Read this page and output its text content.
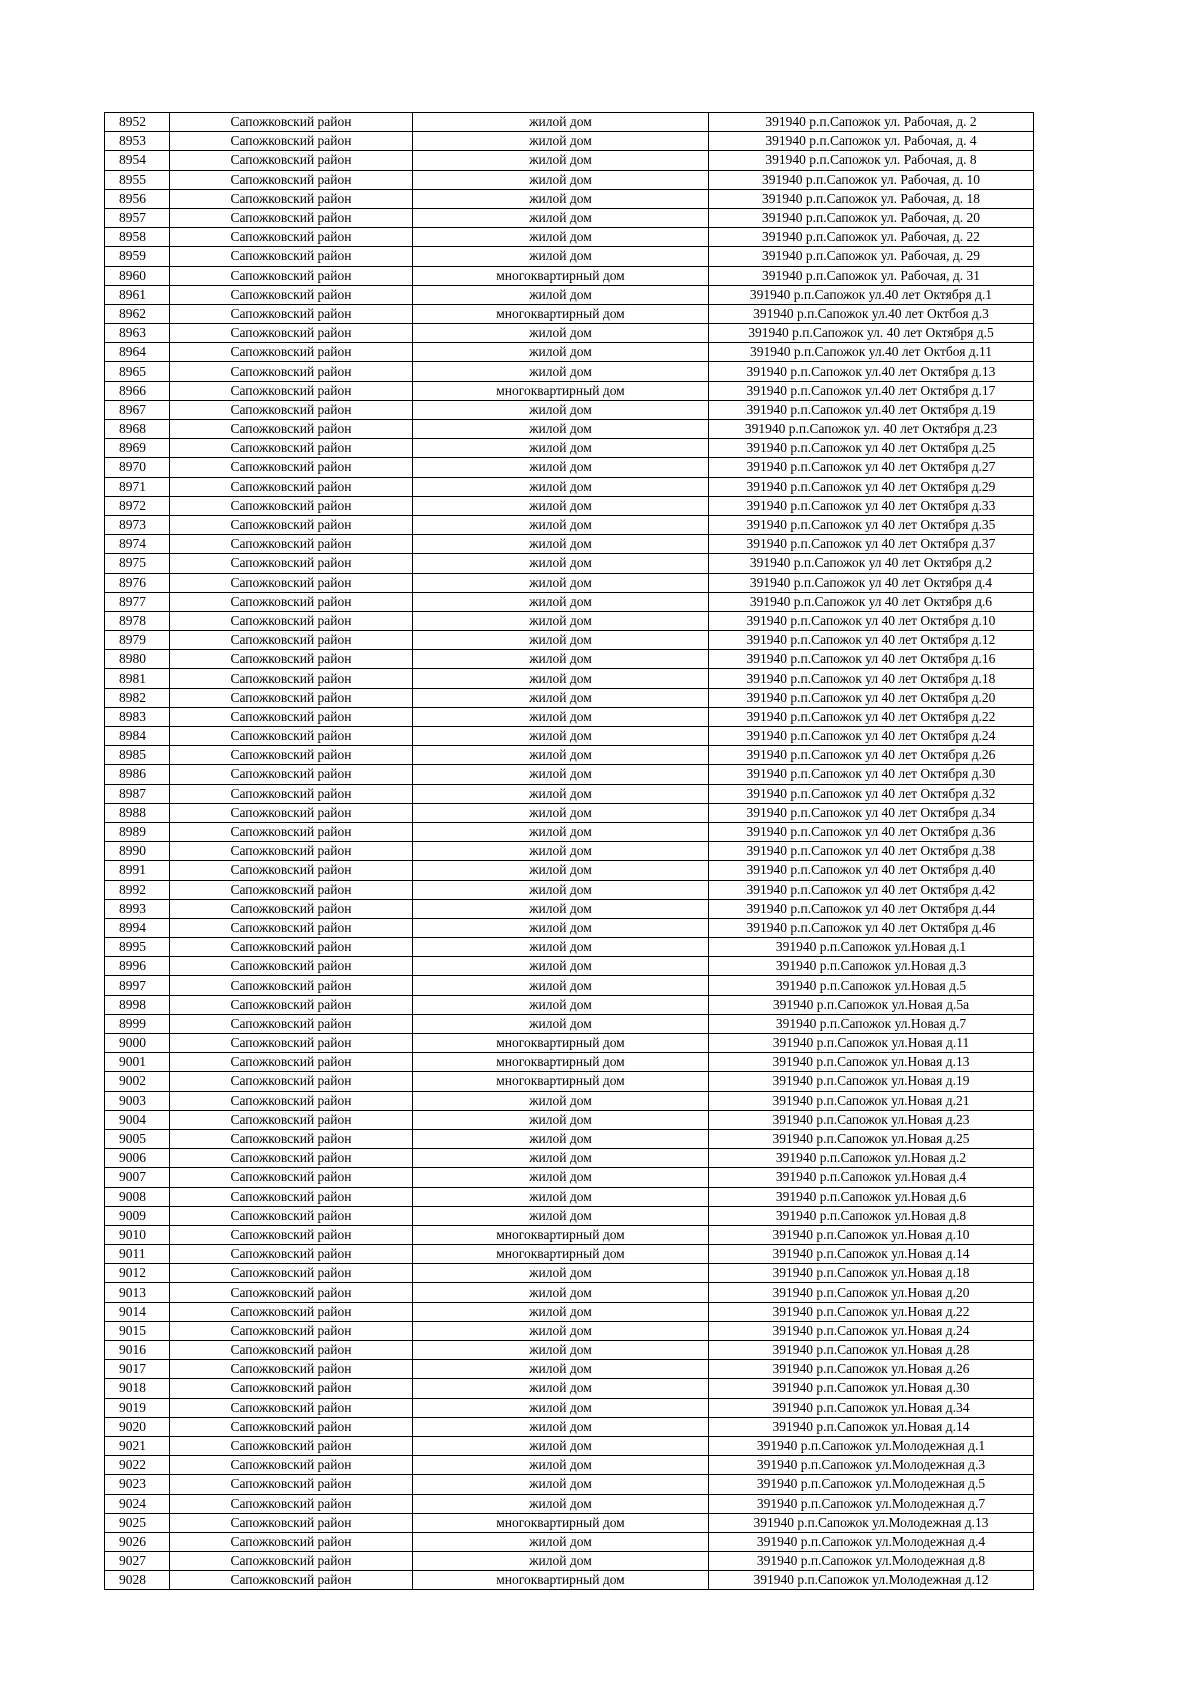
8952	Сапожковский район	жилой дом	391940 р.п.Сапожок ул. Рабочая, д. 2
8953	Сапожковский район	жилой дом	391940 р.п.Сапожок ул. Рабочая, д. 4
8954	Сапожковский район	жилой дом	391940 р.п.Сапожок ул. Рабочая, д. 8
8955	Сапожковский район	жилой дом	391940 р.п.Сапожок ул. Рабочая, д. 10
8956	Сапожковский район	жилой дом	391940 р.п.Сапожок ул. Рабочая, д. 18
8957	Сапожковский район	жилой дом	391940 р.п.Сапожок ул. Рабочая, д. 20
8958	Сапожковский район	жилой дом	391940 р.п.Сапожок ул. Рабочая, д. 22
8959	Сапожковский район	жилой дом	391940 р.п.Сапожок ул. Рабочая, д. 29
8960	Сапожковский район	многоквартирный дом	391940 р.п.Сапожок ул. Рабочая, д. 31
8961	Сапожковский район	жилой дом	391940 р.п.Сапожок ул.40 лет Октября д.1
8962	Сапожковский район	многоквартирный дом	391940 р.п.Сапожок ул.40 лет Октбоя д.3
8963	Сапожковский район	жилой дом	391940 р.п.Сапожок ул. 40 лет Октября д.5
8964	Сапожковский район	жилой дом	391940 р.п.Сапожок ул.40 лет Октбоя д.11
8965	Сапожковский район	жилой дом	391940 р.п.Сапожок ул.40 лет Октября д.13
8966	Сапожковский район	многоквартирный дом	391940 р.п.Сапожок ул.40 лет Октября д.17
8967	Сапожковский район	жилой дом	391940 р.п.Сапожок ул.40 лет Октября д.19
8968	Сапожковский район	жилой дом	391940 р.п.Сапожок ул. 40 лет Октября д.23
8969	Сапожковский район	жилой дом	391940 р.п.Сапожок ул 40 лет Октября д.25
8970	Сапожковский район	жилой дом	391940 р.п.Сапожок ул 40 лет Октября д.27
8971	Сапожковский район	жилой дом	391940 р.п.Сапожок ул 40 лет Октября д.29
8972	Сапожковский район	жилой дом	391940 р.п.Сапожок ул 40 лет Октября д.33
8973	Сапожковский район	жилой дом	391940 р.п.Сапожок ул 40 лет Октября д.35
8974	Сапожковский район	жилой дом	391940 р.п.Сапожок ул 40 лет Октября д.37
8975	Сапожковский район	жилой дом	391940 р.п.Сапожок ул 40 лет Октября д.2
8976	Сапожковский район	жилой дом	391940 р.п.Сапожок ул 40 лет Октября д.4
8977	Сапожковский район	жилой дом	391940 р.п.Сапожок ул 40 лет Октября д.6
8978	Сапожковский район	жилой дом	391940 р.п.Сапожок ул 40 лет Октября д.10
8979	Сапожковский район	жилой дом	391940 р.п.Сапожок ул 40 лет Октября д.12
8980	Сапожковский район	жилой дом	391940 р.п.Сапожок ул 40 лет Октября д.16
8981	Сапожковский район	жилой дом	391940 р.п.Сапожок ул 40 лет Октября д.18
8982	Сапожковский район	жилой дом	391940 р.п.Сапожок ул 40 лет Октября д.20
8983	Сапожковский район	жилой дом	391940 р.п.Сапожок ул 40 лет Октября д.22
8984	Сапожковский район	жилой дом	391940 р.п.Сапожок ул 40 лет Октября д.24
8985	Сапожковский район	жилой дом	391940 р.п.Сапожок ул 40 лет Октября д.26
8986	Сапожковский район	жилой дом	391940 р.п.Сапожок ул 40 лет Октября д.30
8987	Сапожковский район	жилой дом	391940 р.п.Сапожок ул 40 лет Октября д.32
8988	Сапожковский район	жилой дом	391940 р.п.Сапожок ул 40 лет Октября д.34
8989	Сапожковский район	жилой дом	391940 р.п.Сапожок ул 40 лет Октября д.36
8990	Сапожковский район	жилой дом	391940 р.п.Сапожок ул 40 лет Октября д.38
8991	Сапожковский район	жилой дом	391940 р.п.Сапожок ул 40 лет Октября д.40
8992	Сапожковский район	жилой дом	391940 р.п.Сапожок ул 40 лет Октября д.42
8993	Сапожковский район	жилой дом	391940 р.п.Сапожок ул 40 лет Октября д.44
8994	Сапожковский район	жилой дом	391940 р.п.Сапожок ул 40 лет Октября д.46
8995	Сапожковский район	жилой дом	391940 р.п.Сапожок ул.Новая д.1
8996	Сапожковский район	жилой дом	391940 р.п.Сапожок ул.Новая д.3
8997	Сапожковский район	жилой дом	391940 р.п.Сапожок ул.Новая д.5
8998	Сапожковский район	жилой дом	391940 р.п.Сапожок ул.Новая д.5а
8999	Сапожковский район	жилой дом	391940 р.п.Сапожок ул.Новая д.7
9000	Сапожковский район	многоквартирный дом	391940 р.п.Сапожок ул.Новая д.11
9001	Сапожковский район	многоквартирный дом	391940 р.п.Сапожок ул.Новая д.13
9002	Сапожковский район	многоквартирный дом	391940 р.п.Сапожок ул.Новая д.19
9003	Сапожковский район	жилой дом	391940 р.п.Сапожок ул.Новая д.21
9004	Сапожковский район	жилой дом	391940 р.п.Сапожок ул.Новая д.23
9005	Сапожковский район	жилой дом	391940 р.п.Сапожок ул.Новая д.25
9006	Сапожковский район	жилой дом	391940 р.п.Сапожок ул.Новая д.2
9007	Сапожковский район	жилой дом	391940 р.п.Сапожок ул.Новая д.4
9008	Сапожковский район	жилой дом	391940 р.п.Сапожок ул.Новая д.6
9009	Сапожковский район	жилой дом	391940 р.п.Сапожок ул.Новая д.8
9010	Сапожковский район	многоквартирный дом	391940 р.п.Сапожок ул.Новая д.10
9011	Сапожковский район	многоквартирный дом	391940 р.п.Сапожок ул.Новая д.14
9012	Сапожковский район	жилой дом	391940 р.п.Сапожок ул.Новая д.18
9013	Сапожковский район	жилой дом	391940 р.п.Сапожок ул.Новая д.20
9014	Сапожковский район	жилой дом	391940 р.п.Сапожок ул.Новая д.22
9015	Сапожковский район	жилой дом	391940 р.п.Сапожок ул.Новая д.24
9016	Сапожковский район	жилой дом	391940 р.п.Сапожок ул.Новая д.28
9017	Сапожковский район	жилой дом	391940 р.п.Сапожок ул.Новая д.26
9018	Сапожковский район	жилой дом	391940 р.п.Сапожок ул.Новая д.30
9019	Сапожковский район	жилой дом	391940 р.п.Сапожок ул.Новая д.34
9020	Сапожковский район	жилой дом	391940 р.п.Сапожок ул.Новая д.14
9021	Сапожковский район	жилой дом	391940 р.п.Сапожок ул.Молодежная д.1
9022	Сапожковский район	жилой дом	391940 р.п.Сапожок ул.Молодежная д.3
9023	Сапожковский район	жилой дом	391940 р.п.Сапожок ул.Молодежная д.5
9024	Сапожковский район	жилой дом	391940 р.п.Сапожок ул.Молодежная д.7
9025	Сапожковский район	многоквартирный дом	391940 р.п.Сапожок ул.Молодежная д.13
9026	Сапожковский район	жилой дом	391940 р.п.Сапожок ул.Молодежная д.4
9027	Сапожковский район	жилой дом	391940 р.п.Сапожок ул.Молодежная д.8
9028	Сапожковский район	многоквартирный дом	391940 р.п.Сапожок ул.Молодежная д.12
